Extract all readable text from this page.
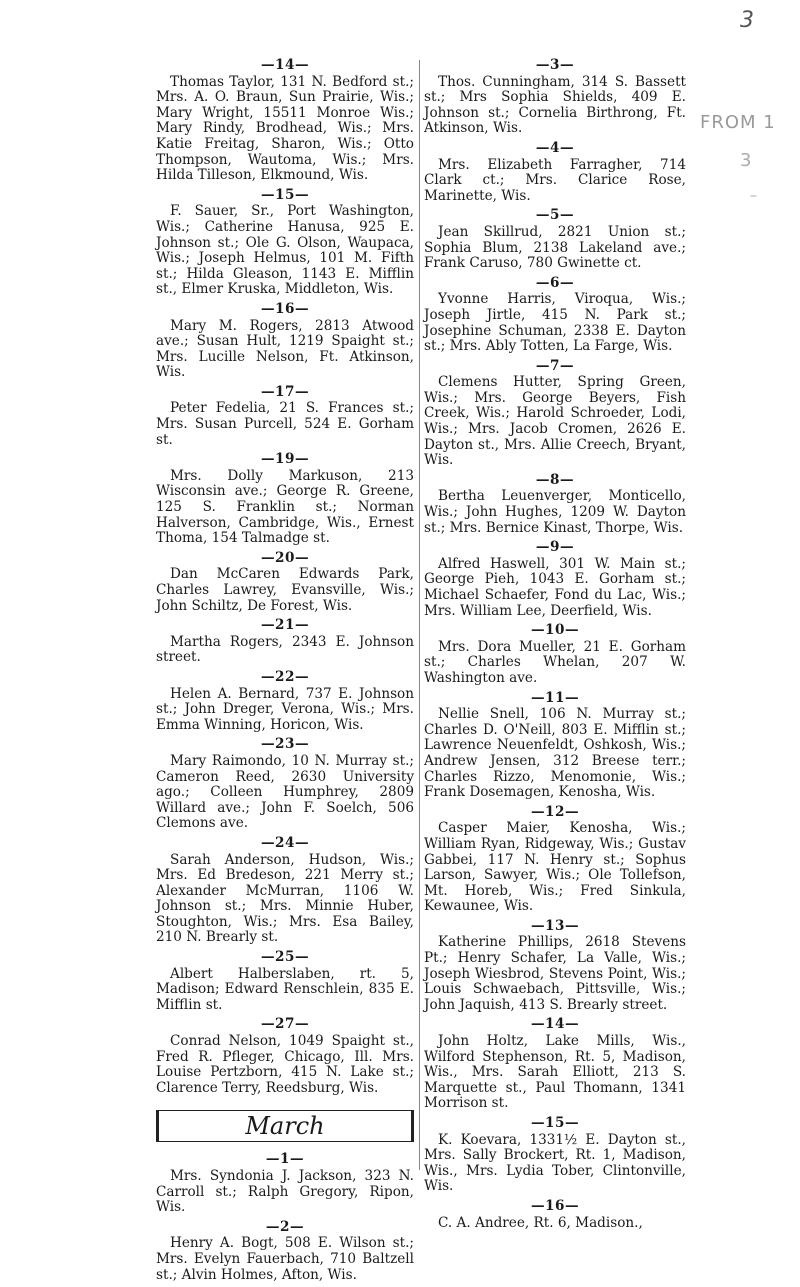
3
FROM 1
3
–
—14—
Thomas Taylor, 131 N. Bedford st.; Mrs. A. O. Braun, Sun Prairie, Wis.; Mary Wright, 15511 Monroe Wis.; Mary Rindy, Brodhead, Wis.; Mrs. Katie Freitag, Sharon, Wis.; Otto Thompson, Wautoma, Wis.; Mrs. Hilda Tilleson, Elkmound, Wis.
—15—
F. Sauer, Sr., Port Washington, Wis.; Catherine Hanusa, 925 E. Johnson st.; Ole G. Olson, Waupaca, Wis.; Joseph Helmus, 101 M. Fifth st.; Hilda Gleason, 1143 E. Mifflin st., Elmer Kruska, Middleton, Wis.
—16—
Mary M. Rogers, 2813 Atwood ave.; Susan Hult, 1219 Spaight st.; Mrs. Lucille Nelson, Ft. Atkinson, Wis.
—17—
Peter Fedelia, 21 S. Frances st.; Mrs. Susan Purcell, 524 E. Gorham st.
—19—
Mrs. Dolly Markuson, 213 Wisconsin ave.; George R. Greene, 125 S. Franklin st.; Norman Halverson, Cambridge, Wis., Ernest Thoma, 154 Talmadge st.
—20—
Dan McCaren Edwards Park, Charles Lawrey, Evansville, Wis.; John Schiltz, De Forest, Wis.
—21—
Martha Rogers, 2343 E. Johnson street.
—22—
Helen A. Bernard, 737 E. Johnson st.; John Dreger, Verona, Wis.; Mrs. Emma Winning, Horicon, Wis.
—23—
Mary Raimondo, 10 N. Murray st.; Cameron Reed, 2630 University ago.; Colleen Humphrey, 2809 Willard ave.; John F. Soelch, 506 Clemons ave.
—24—
Sarah Anderson, Hudson, Wis.; Mrs. Ed Bredeson, 221 Merry st.; Alexander McMurran, 1106 W. Johnson st.; Mrs. Minnie Huber, Stoughton, Wis.; Mrs. Esa Bailey, 210 N. Brearly st.
—25—
Albert Halberslaben, rt. 5, Madison; Edward Renschlein, 835 E. Mifflin st.
—27—
Conrad Nelson, 1049 Spaight st., Fred R. Pfleger, Chicago, Ill. Mrs. Louise Pertzborn, 415 N. Lake st.; Clarence Terry, Reedsburg, Wis.
March
—1—
Mrs. Syndonia J. Jackson, 323 N. Carroll st.; Ralph Gregory, Ripon, Wis.
—2—
Henry A. Bogt, 508 E. Wilson st.; Mrs. Evelyn Fauerbach, 710 Baltzell st.; Alvin Holmes, Afton, Wis.
—3—
Thos. Cunningham, 314 S. Bassett st.; Mrs Sophia Shields, 409 E. Johnson st.; Cornelia Birthrong, Ft. Atkinson, Wis.
—4—
Mrs. Elizabeth Farragher, 714 Clark ct.; Mrs. Clarice Rose, Marinette, Wis.
—5—
Jean Skillrud, 2821 Union st.; Sophia Blum, 2138 Lakeland ave.; Frank Caruso, 780 Gwinette ct.
—6—
Yvonne Harris, Viroqua, Wis.; Joseph Jirtle, 415 N. Park st.; Josephine Schuman, 2338 E. Dayton st.; Mrs. Ably Totten, La Farge, Wis.
—7—
Clemens Hutter, Spring Green, Wis.; Mrs. George Beyers, Fish Creek, Wis.; Harold Schroeder, Lodi, Wis.; Mrs. Jacob Cromen, 2626 E. Dayton st., Mrs. Allie Creech, Bryant, Wis.
—8—
Bertha Leuenverger, Monticello, Wis.; John Hughes, 1209 W. Dayton st.; Mrs. Bernice Kinast, Thorpe, Wis.
—9—
Alfred Haswell, 301 W. Main st.; George Pieh, 1043 E. Gorham st.; Michael Schaefer, Fond du Lac, Wis.; Mrs. William Lee, Deerfield, Wis.
—10—
Mrs. Dora Mueller, 21 E. Gorham st.; Charles Whelan, 207 W. Washington ave.
—11—
Nellie Snell, 106 N. Murray st.; Charles D. O'Neill, 803 E. Mifflin st.; Lawrence Neuenfeldt, Oshkosh, Wis.; Andrew Jensen, 312 Breese terr.; Charles Rizzo, Menomonie, Wis.; Frank Dosemagen, Kenosha, Wis.
—12—
Casper Maier, Kenosha, Wis.; William Ryan, Ridgeway, Wis.; Gustav Gabbei, 117 N. Henry st.; Sophus Larson, Sawyer, Wis.; Ole Tollefson, Mt. Horeb, Wis.; Fred Sinkula, Kewaunee, Wis.
—13—
Katherine Phillips, 2618 Stevens Pt.; Henry Schafer, La Valle, Wis.; Joseph Wiesbrod, Stevens Point, Wis.; Louis Schwaebach, Pittsville, Wis.; John Jaquish, 413 S. Brearly street.
—14—
John Holtz, Lake Mills, Wis., Wilford Stephenson, Rt. 5, Madison, Wis., Mrs. Sarah Elliott, 213 S. Marquette st., Paul Thomann, 1341 Morrison st.
—15—
K. Koevara, 1331½ E. Dayton st., Mrs. Sally Brockert, Rt. 1, Madison, Wis., Mrs. Lydia Tober, Clintonville, Wis.
—16—
C. A. Andree, Rt. 6, Madison.,
